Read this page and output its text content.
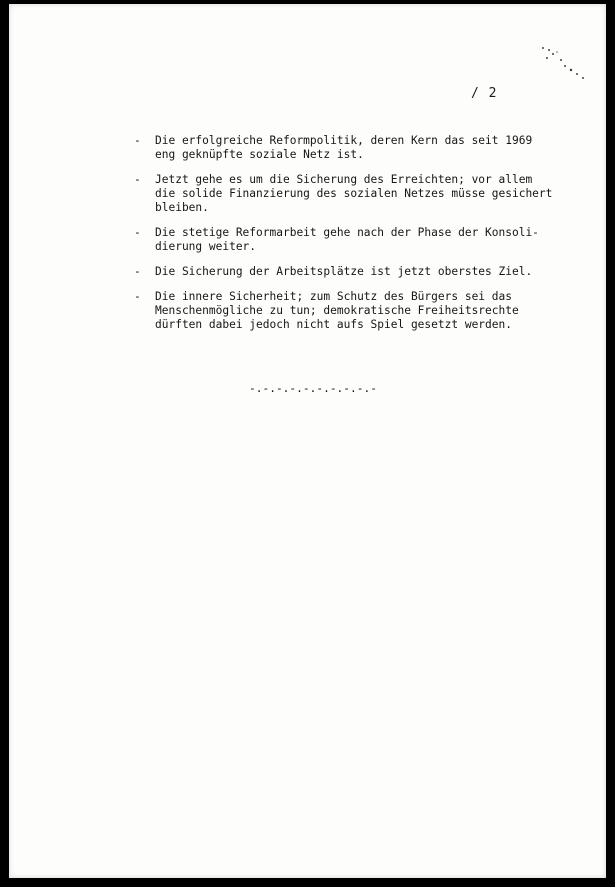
/ 2
- Die erfolgreiche Reformpolitik, deren Kern das seit 1969
eng geknüpfte soziale Netz ist.
- Jetzt gehe es um die Sicherung des Erreichten; vor allem
die solide Finanzierung des sozialen Netzes müsse gesichert
bleiben.
- Die stetige Reformarbeit gehe nach der Phase der Konsoli-
dierung weiter.
- Die Sicherung der Arbeitsplätze ist jetzt oberstes Ziel.
- Die innere Sicherheit; zum Schutz des Bürgers sei das
Menschenmögliche zu tun; demokratische Freiheitsrechte
dürften dabei jedoch nicht aufs Spiel gesetzt werden.
-.-.-.-.-.-.-.-.-.-
